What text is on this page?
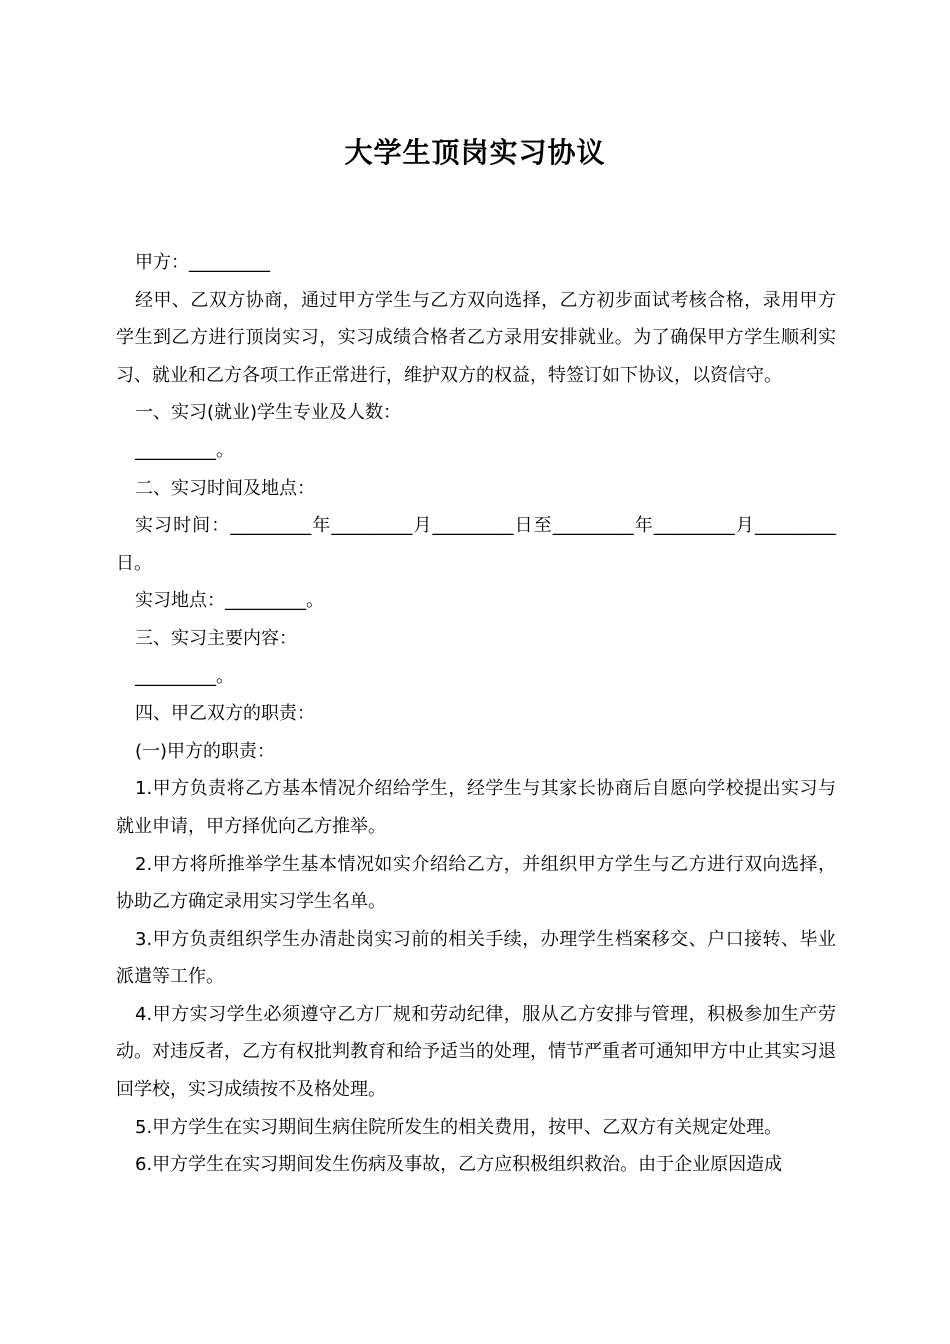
大学生顶岗实习协议

甲方：_________

经甲、乙双方协商，通过甲方学生与乙方双向选择，乙方初步面试考核合格，录用甲方学生到乙方进行顶岗实习，实习成绩合格者乙方录用安排就业。为了确保甲方学生顺利实习、就业和乙方各项工作正常进行，维护双方的权益，特签订如下协议，以资信守。

一、实习(就业)学生专业及人数：

_________。

二、实习时间及地点：

实习时间：_________年_________月_________日至_________年_________月_________日。

实习地点：_________。

三、实习主要内容：

_________。

四、甲乙双方的职责：

(一)甲方的职责：

1.甲方负责将乙方基本情况介绍给学生，经学生与其家长协商后自愿向学校提出实习与就业申请，甲方择优向乙方推举。

2.甲方将所推举学生基本情况如实介绍给乙方，并组织甲方学生与乙方进行双向选择，协助乙方确定录用实习学生名单。

3.甲方负责组织学生办清赴岗实习前的相关手续，办理学生档案移交、户口接转、毕业派遣等工作。

4.甲方实习学生必须遵守乙方厂规和劳动纪律，服从乙方安排与管理，积极参加生产劳动。对违反者，乙方有权批判教育和给予适当的处理，情节严重者可通知甲方中止其实习退回学校，实习成绩按不及格处理。

5.甲方学生在实习期间生病住院所发生的相关费用，按甲、乙双方有关规定处理。

6.甲方学生在实习期间发生伤病及事故，乙方应积极组织救治。由于企业原因造成
